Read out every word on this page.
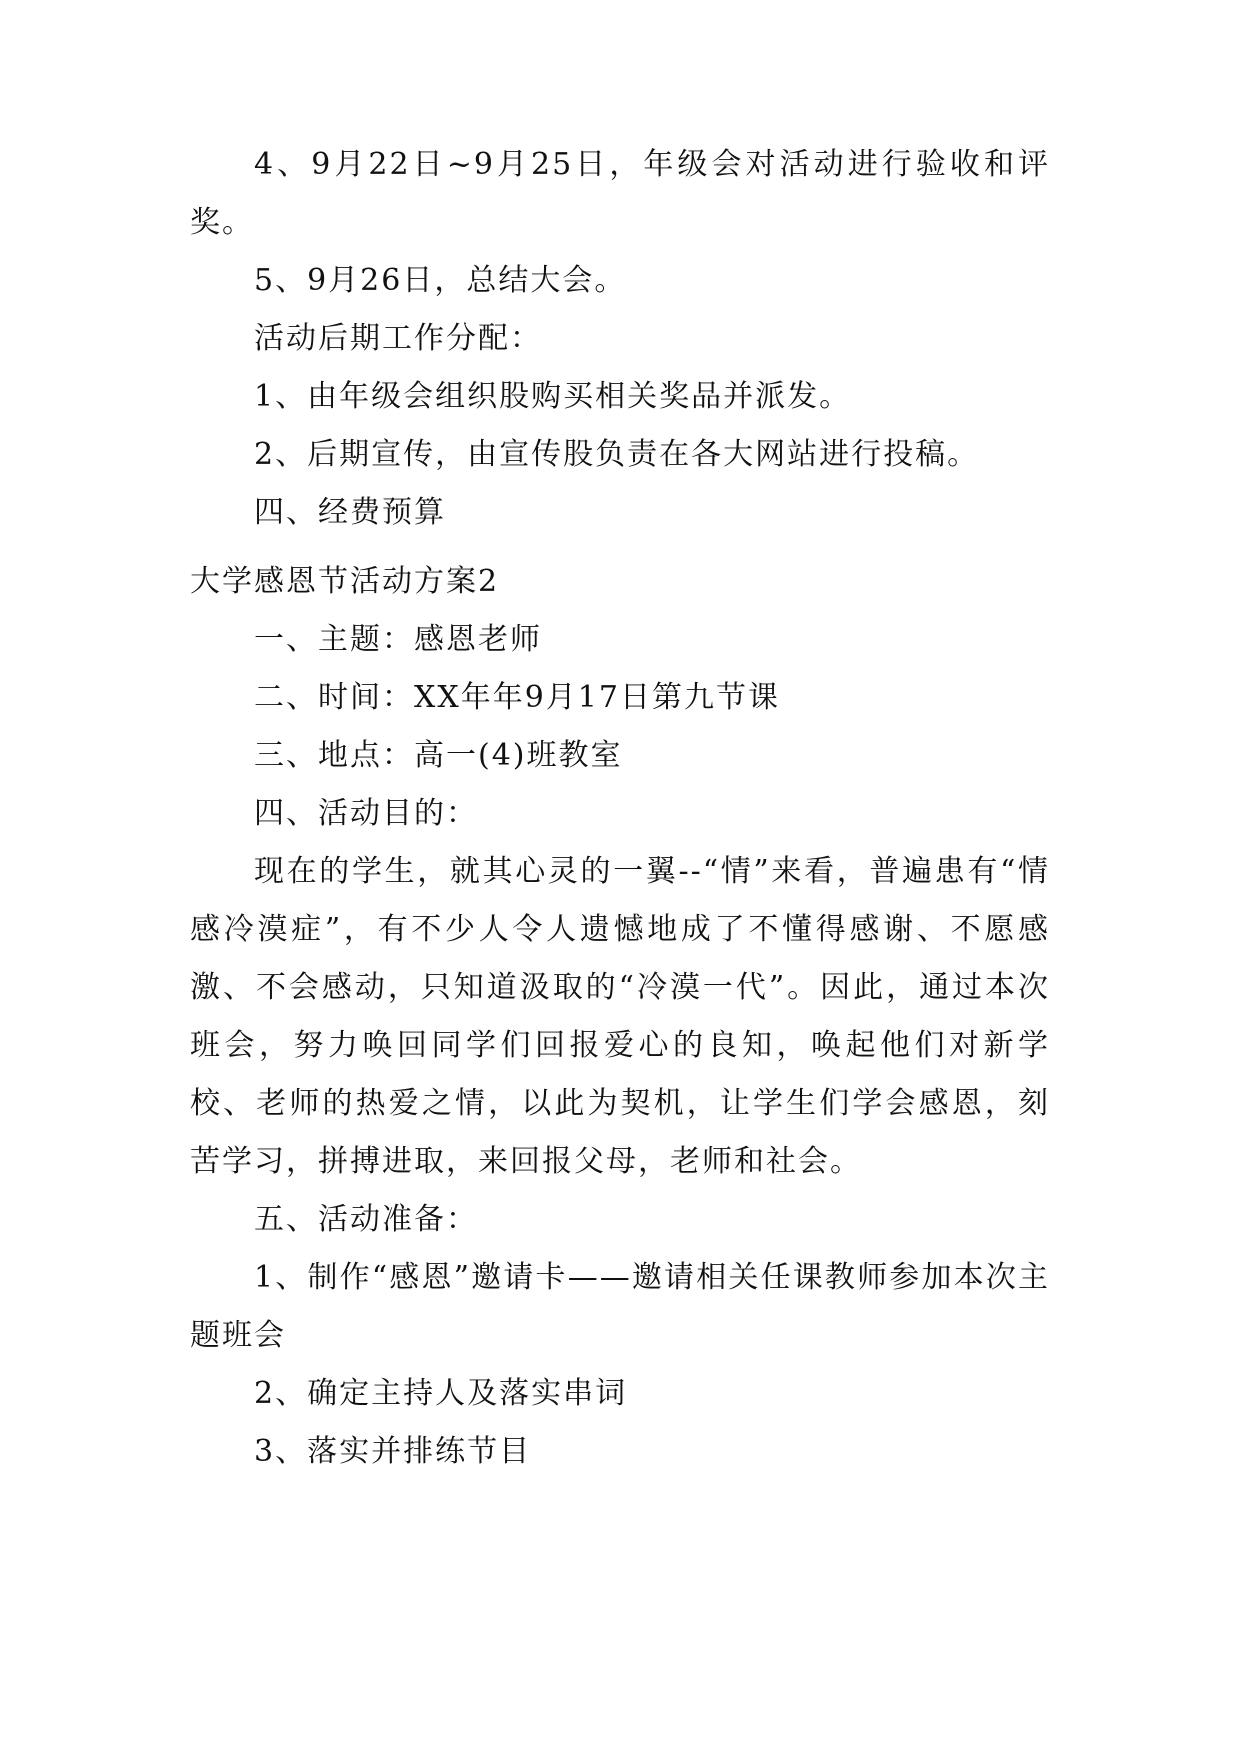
4、9月22日~9月25日，年级会对活动进行验收和评奖。

5、9月26日，总结大会。

活动后期工作分配：

1、由年级会组织股购买相关奖品并派发。

2、后期宣传，由宣传股负责在各大网站进行投稿。

四、经费预算

大学感恩节活动方案2

一、主题：感恩老师

二、时间：XX年年9月17日第九节课

三、地点：高一(4)班教室

四、活动目的：

现在的学生，就其心灵的一翼--“情”来看，普遍患有“情感冷漠症”，有不少人令人遗憾地成了不懂得感谢、不愿感激、不会感动，只知道汲取的“冷漠一代”。因此，通过本次班会，努力唤回同学们回报爱心的良知，唤起他们对新学校、老师的热爱之情，以此为契机，让学生们学会感恩，刻苦学习，拼搏进取，来回报父母，老师和社会。

五、活动准备：

1、制作“感恩”邀请卡——邀请相关任课教师参加本次主题班会

2、确定主持人及落实串词

3、落实并排练节目
